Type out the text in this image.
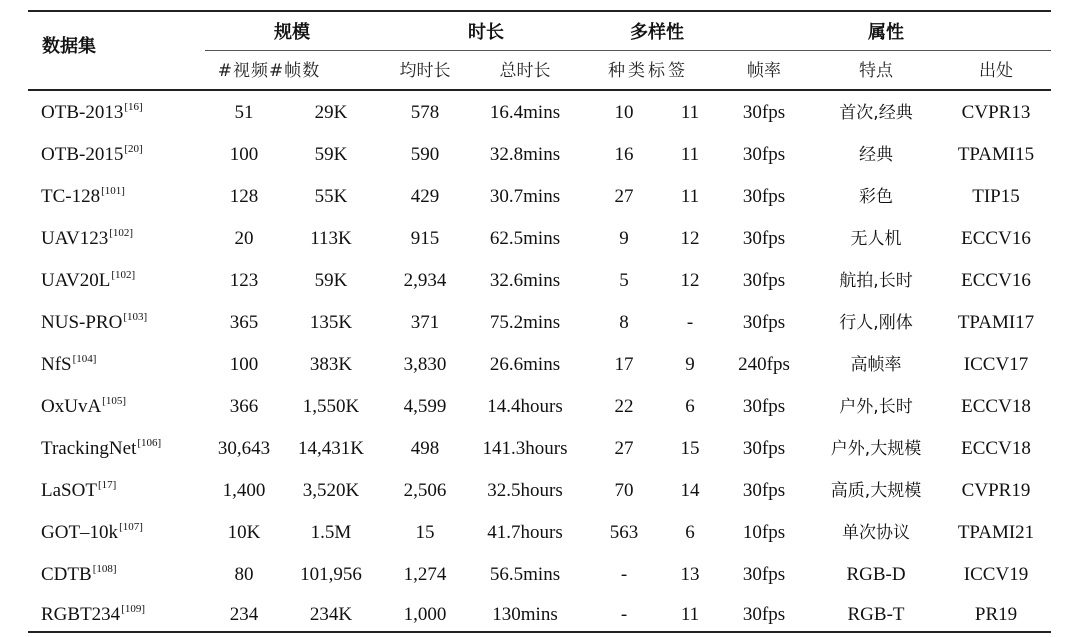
数据集
规模	时长	多样性	属性
#视频#帧数	均时长	总时长	种类标签	帧率	特点	出处
OTB-2013[16]	51	29K	578	16.4mins	10 11 30fps	首次,经典	CVPR13
OTB-2015[20]	100	59K	590	32.8mins	16 11 30fps	经典	TPAMI15
TC-128[101]	128	55K	429	30.7mins	27 11 30fps	彩色	TIP15
UAV123[102]	20	113K	915	62.5mins	9	12 30fps	无人机	ECCV16
UAV20L[102]	123	59K	2,934 32.6mins	5	12 30fps	航拍,长时	ECCV16
NUS-PRO[103]	365	135K	371	75.2mins	8	-	30fps	行人,刚体 TPAMI17
NfS[104]	100	383K	3,830 26.6mins	17	9 240fps	高帧率	ICCV17
OxUvA[105]	366 1,550K 4,599 14.4hours	22	6	30fps	户外,长时	ECCV18
TrackingNet[106]	30,643 14,431K 498 141.3hours 27 15 30fps	户外,大规模 ECCV18
LaSOT[17]	1,400 3,520K 2,506 32.5hours	70 14 30fps	高质,大规模 CVPR19
GOT–10k[107]	10K	1.5M	15	41.7hours 563 6	10fps	单次协议	TPAMI21
CDTB[108]	80 101,956 1,274 56.5mins	-	13 30fps	RGB-D	ICCV19
RGBT234[109]	234	234K	1,000 130mins	-	11 30fps	RGB-T	PR19
